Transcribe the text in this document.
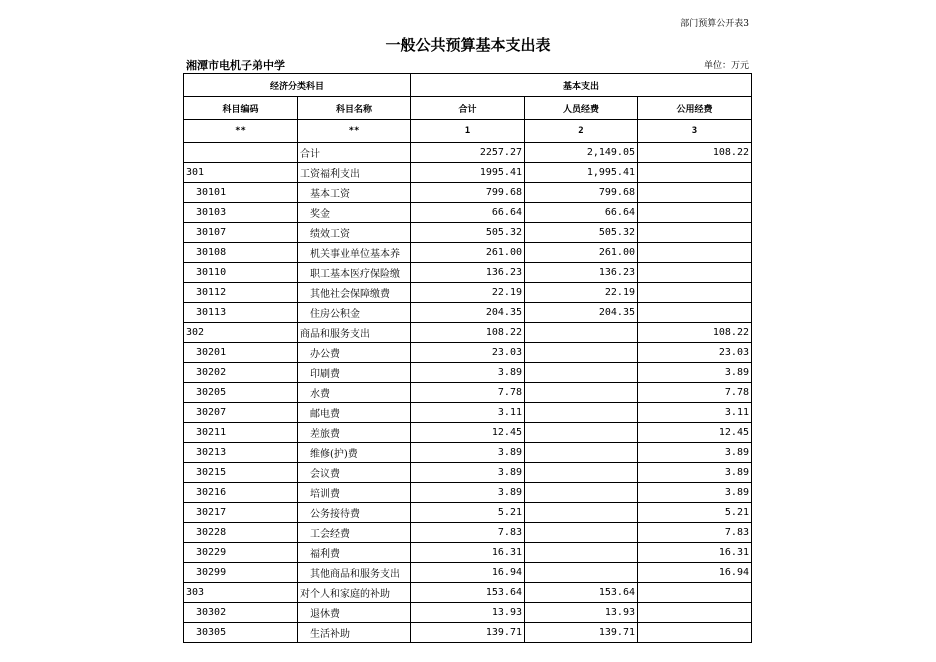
部门预算公开表3
一般公共预算基本支出表
湘潭市电机子弟中学	单位：万元
经济分类科目		基本支出		
科目编码	科目名称	合计	人员经费	公用经费
**	**	1	2	3
	合计	2257.27	2,149.05	108.22
301	工资福利支出	1995.41	1,995.41	
30101	基本工资	799.68	799.68	
30103	奖金	66.64	66.64	
30107	绩效工资	505.32	505.32	
30108	机关事业单位基本养	261.00	261.00	
30110	职工基本医疗保险缴	136.23	136.23	
30112	其他社会保障缴费	22.19	22.19	
30113	住房公积金	204.35	204.35	
302	商品和服务支出	108.22		108.22
30201	办公费	23.03		23.03
30202	印刷费	3.89		3.89
30205	水费	7.78		7.78
30207	邮电费	3.11		3.11
30211	差旅费	12.45		12.45
30213	维修(护)费	3.89		3.89
30215	会议费	3.89		3.89
30216	培训费	3.89		3.89
30217	公务接待费	5.21		5.21
30228	工会经费	7.83		7.83
30229	福利费	16.31		16.31
30299	其他商品和服务支出	16.94		16.94
303	对个人和家庭的补助	153.64	153.64	
30302	退休费	13.93	13.93	
30305	生活补助	139.71	139.71	
